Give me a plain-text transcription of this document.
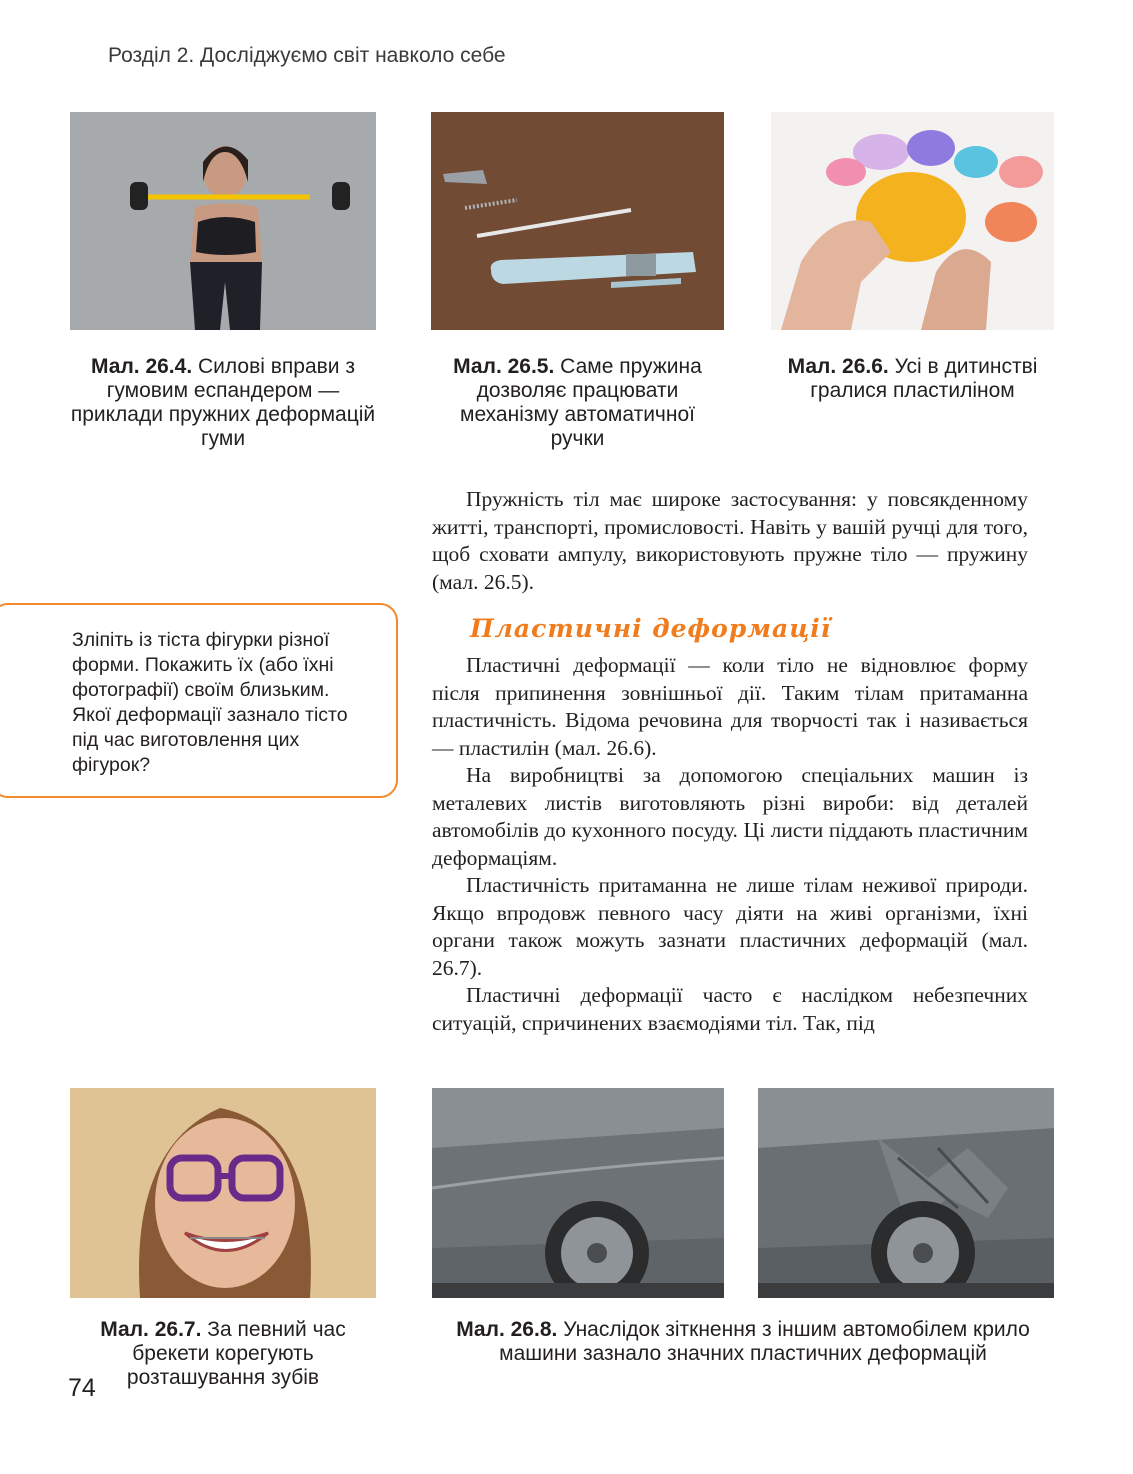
Розділ 2. Досліджуємо світ навколо себе
Мал. 26.4. Силові вправи з гумовим еспандером — приклади пружних деформацій гуми
Мал. 26.5. Саме пружина дозволяє працювати механізму автоматичної ручки
Мал. 26.6. Усі в дитинстві гралися пластиліном

Пружність тіл має широке застосування: у повсякденному житті, транспорті, промисловості. Навіть у вашій ручці для того, щоб сховати ампулу, використовують пружне тіло — пружину (мал. 26.5).

Пластичні деформації

Пластичні деформації — коли тіло не відновлює форму після припинення зовнішньої дії. Таким тілам притаманна пластичність. Відома речовина для творчості так і називається — пластилін (мал. 26.6).

На виробництві за допомогою спеціальних машин із металевих листів виготовляють різні вироби: від деталей автомобілів до кухонного посуду. Ці листи піддають пластичним деформаціям.

Пластичність притаманна не лише тілам неживої природи. Якщо впродовж певного часу діяти на живі організми, їхні органи також можуть зазнати пластичних деформацій (мал. 26.7).

Пластичні деформації часто є наслідком небезпечних ситуацій, спричинених взаємодіями тіл. Так, під

Зліпіть із тіста фігурки різної форми. Покажить їх (або їхні фотографії) своїм близьким. Якої деформації зазнало тісто під час виготовлення цих фігурок?
Мал. 26.7. За певний час брекети корегують розташування зубів
Мал. 26.8. Унаслідок зіткнення з іншим автомобілем крило машини зазнало значних пластичних деформацій
74
